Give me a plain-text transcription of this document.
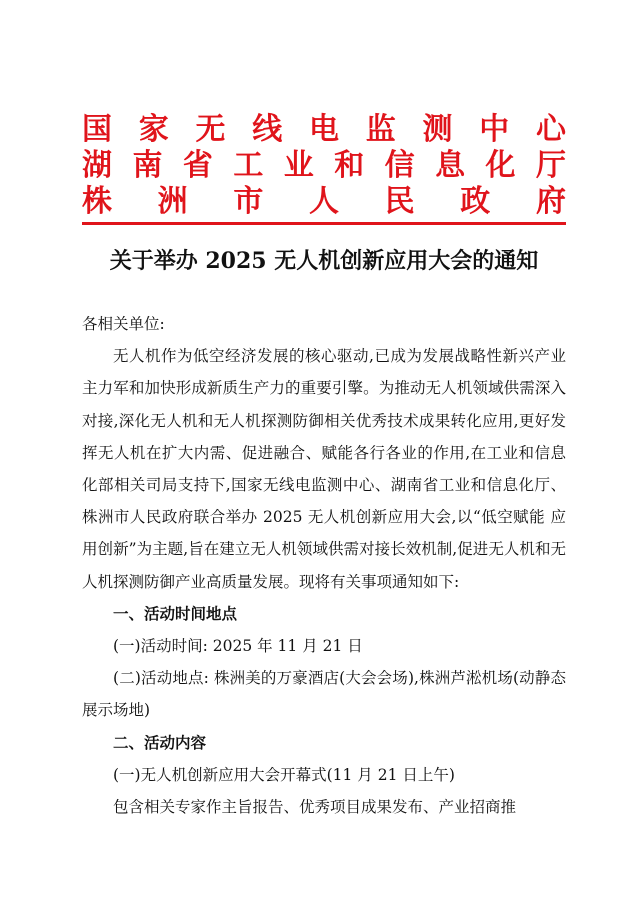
国 家 无 线 电 监 测 中 心
湖 南 省 工 业 和 信 息 化 厅
株 洲 市 人 民 政 府
关于举办 2025 无人机创新应用大会的通知

各相关单位:

无人机作为低空经济发展的核心驱动,已成为发展战略性新兴产业主力军和加快形成新质生产力的重要引擎。为推动无人机领域供需深入对接,深化无人机和无人机探测防御相关优秀技术成果转化应用,更好发挥无人机在扩大内需、促进融合、赋能各行各业的作用,在工业和信息化部相关司局支持下,国家无线电监测中心、湖南省工业和信息化厅、株洲市人民政府联合举办 2025 无人机创新应用大会,以“低空赋能 应用创新”为主题,旨在建立无人机领域供需对接长效机制,促进无人机和无人机探测防御产业高质量发展。现将有关事项通知如下:

一、活动时间地点

(一)活动时间: 2025 年 11 月 21 日

(二)活动地点: 株洲美的万豪酒店(大会会场),株洲芦淞机场(动静态展示场地)

二、活动内容

(一)无人机创新应用大会开幕式(11 月 21 日上午)

包含相关专家作主旨报告、优秀项目成果发布、产业招商推
